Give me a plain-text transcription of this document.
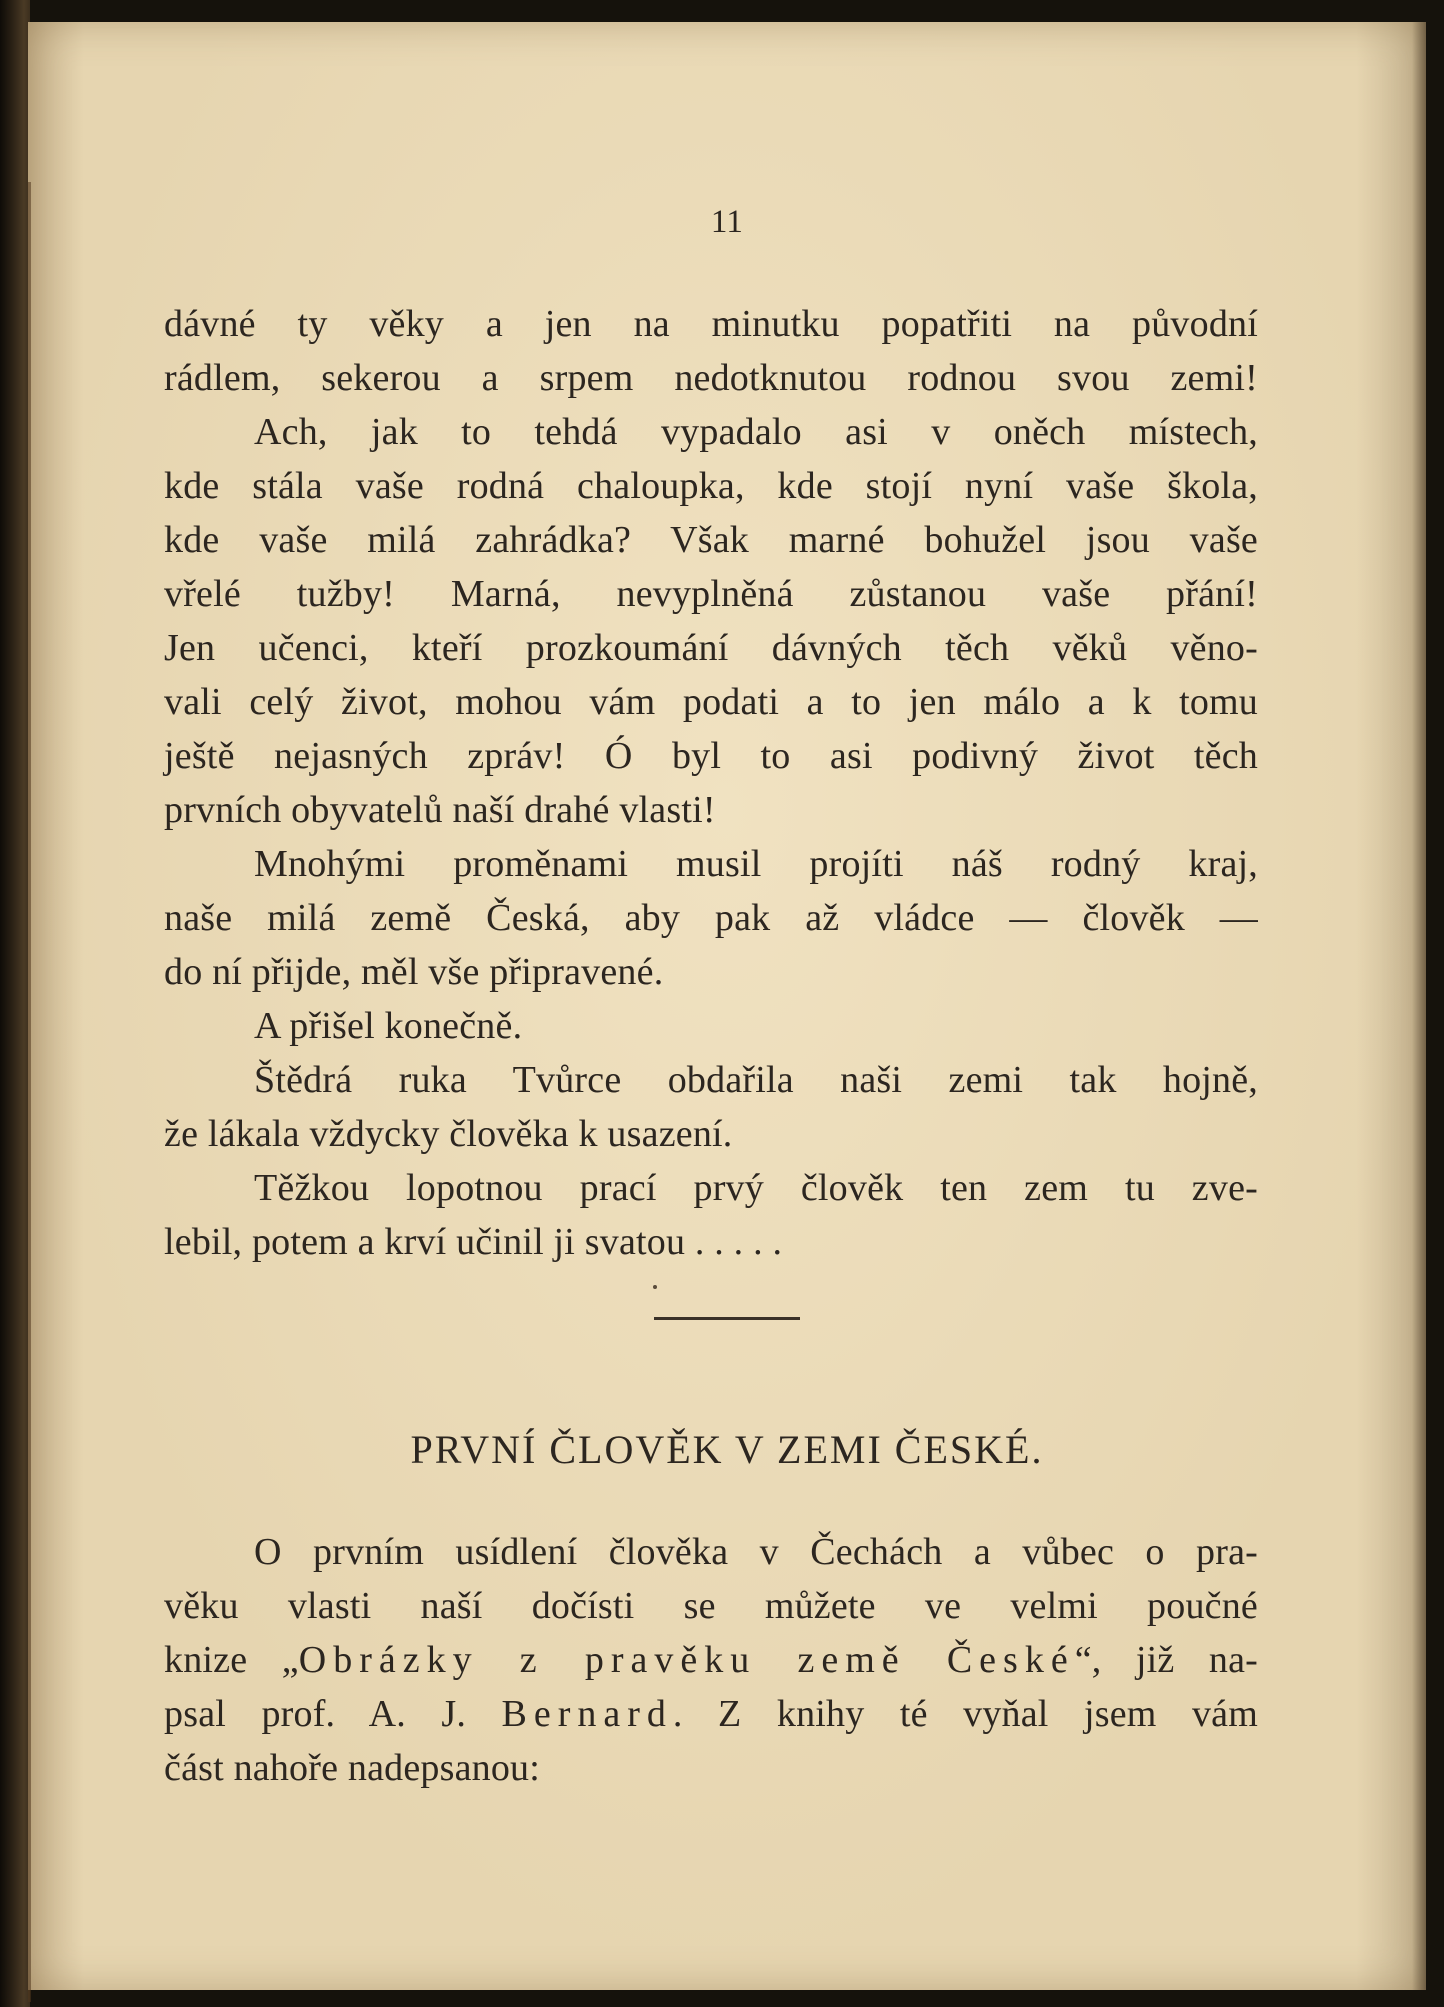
11
dávné ty věky a jen na minutku popatřiti na původní
rádlem, sekerou a srpem nedotknutou rodnou svou zemi!
Ach, jak to tehdá vypadalo asi v oněch místech,
kde stála vaše rodná chaloupka, kde stojí nyní vaše škola,
kde vaše milá zahrádka? Však marné bohužel jsou vaše
vřelé tužby! Marná, nevyplněná zůstanou vaše přání!
Jen učenci, kteří prozkoumání dávných těch věků věno-
vali celý život, mohou vám podati a to jen málo a k tomu
ještě nejasných zpráv! Ó byl to asi podivný život těch
prvních obyvatelů naší drahé vlasti!
Mnohými proměnami musil projíti náš rodný kraj,
naše milá země Česká, aby pak až vládce — člověk —
do ní přijde, měl vše připravené.
A přišel konečně.
Štědrá ruka Tvůrce obdařila naši zemi tak hojně,
že lákala vždycky člověka k usazení.
Těžkou lopotnou prací prvý člověk ten zem tu zve-
lebil, potem a krví učinil ji svatou . . . . .
PRVNÍ ČLOVĚK V ZEMI ČESKÉ.
O prvním usídlení člověka v Čechách a vůbec o pra-
věku vlasti naší dočísti se můžete ve velmi poučné
knize „Obrázky z pravěku země České“, již na-
psal prof. A. J. Bernard. Z knihy té vyňal jsem vám
část nahoře nadepsanou:
